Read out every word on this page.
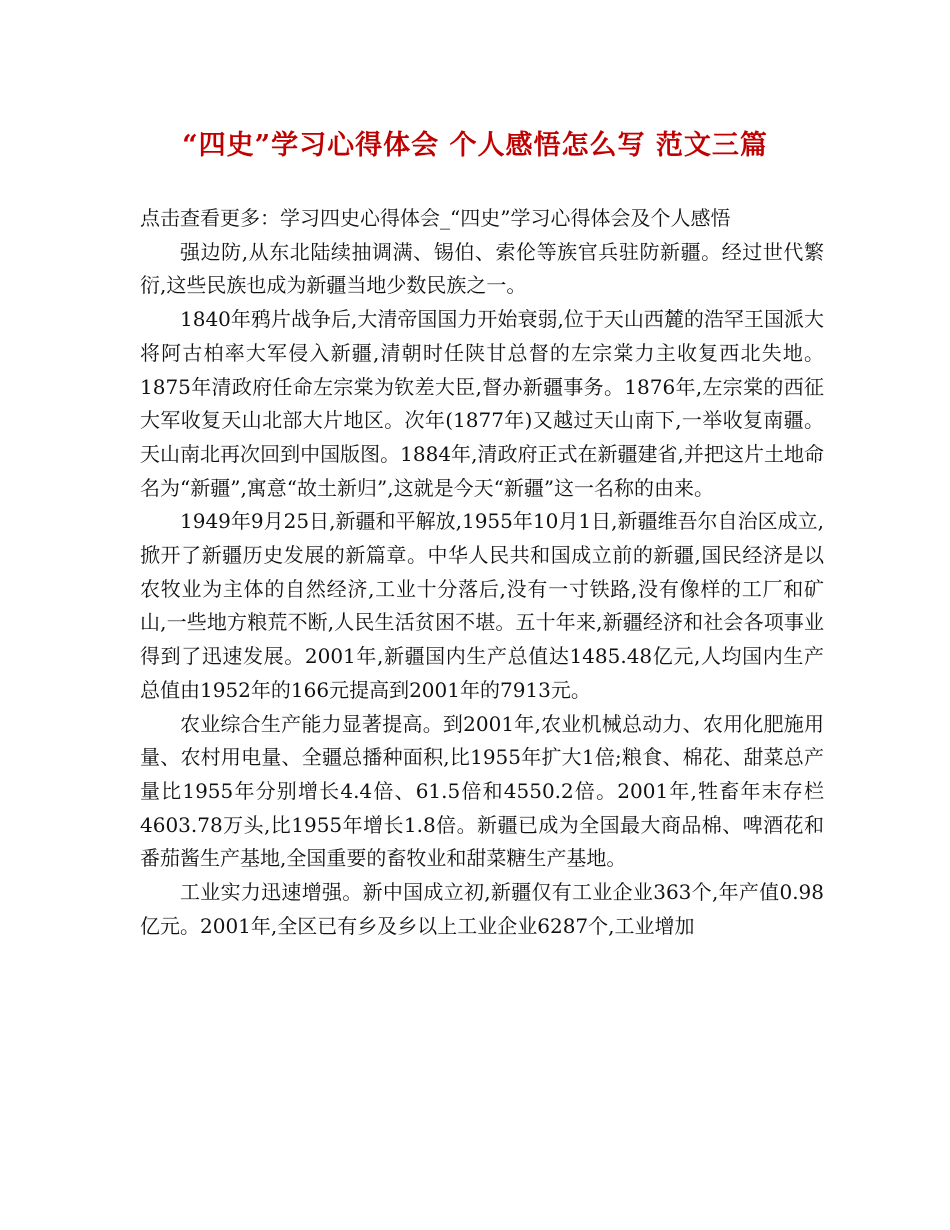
“四史”学习心得体会 个人感悟怎么写 范文三篇

点击查看更多：学习四史心得体会_“四史”学习心得体会及个人感悟

强边防,从东北陆续抽调满、锡伯、索伦等族官兵驻防新疆。经过世代繁衍,这些民族也成为新疆当地少数民族之一。

1840年鸦片战争后,大清帝国国力开始衰弱,位于天山西麓的浩罕王国派大将阿古柏率大军侵入新疆,清朝时任陕甘总督的左宗棠力主收复西北失地。1875年清政府任命左宗棠为钦差大臣,督办新疆事务。1876年,左宗棠的西征大军收复天山北部大片地区。次年(1877年)又越过天山南下,一举收复南疆。天山南北再次回到中国版图。1884年,清政府正式在新疆建省,并把这片土地命名为“新疆”,寓意“故土新归”,这就是今天“新疆”这一名称的由来。

1949年9月25日,新疆和平解放,1955年10月1日,新疆维吾尔自治区成立,掀开了新疆历史发展的新篇章。中华人民共和国成立前的新疆,国民经济是以农牧业为主体的自然经济,工业十分落后,没有一寸铁路,没有像样的工厂和矿山,一些地方粮荒不断,人民生活贫困不堪。五十年来,新疆经济和社会各项事业得到了迅速发展。2001年,新疆国内生产总值达1485.48亿元,人均国内生产总值由1952年的166元提高到2001年的7913元。

农业综合生产能力显著提高。到2001年,农业机械总动力、农用化肥施用量、农村用电量、全疆总播种面积,比1955年扩大1倍;粮食、棉花、甜菜总产量比1955年分别增长4.4倍、61.5倍和4550.2倍。2001年,牲畜年末存栏4603.78万头,比1955年增长1.8倍。新疆已成为全国最大商品棉、啤酒花和番茄酱生产基地,全国重要的畜牧业和甜菜糖生产基地。

工业实力迅速增强。新中国成立初,新疆仅有工业企业363个,年产值0.98亿元。2001年,全区已有乡及乡以上工业企业6287个,工业增加
